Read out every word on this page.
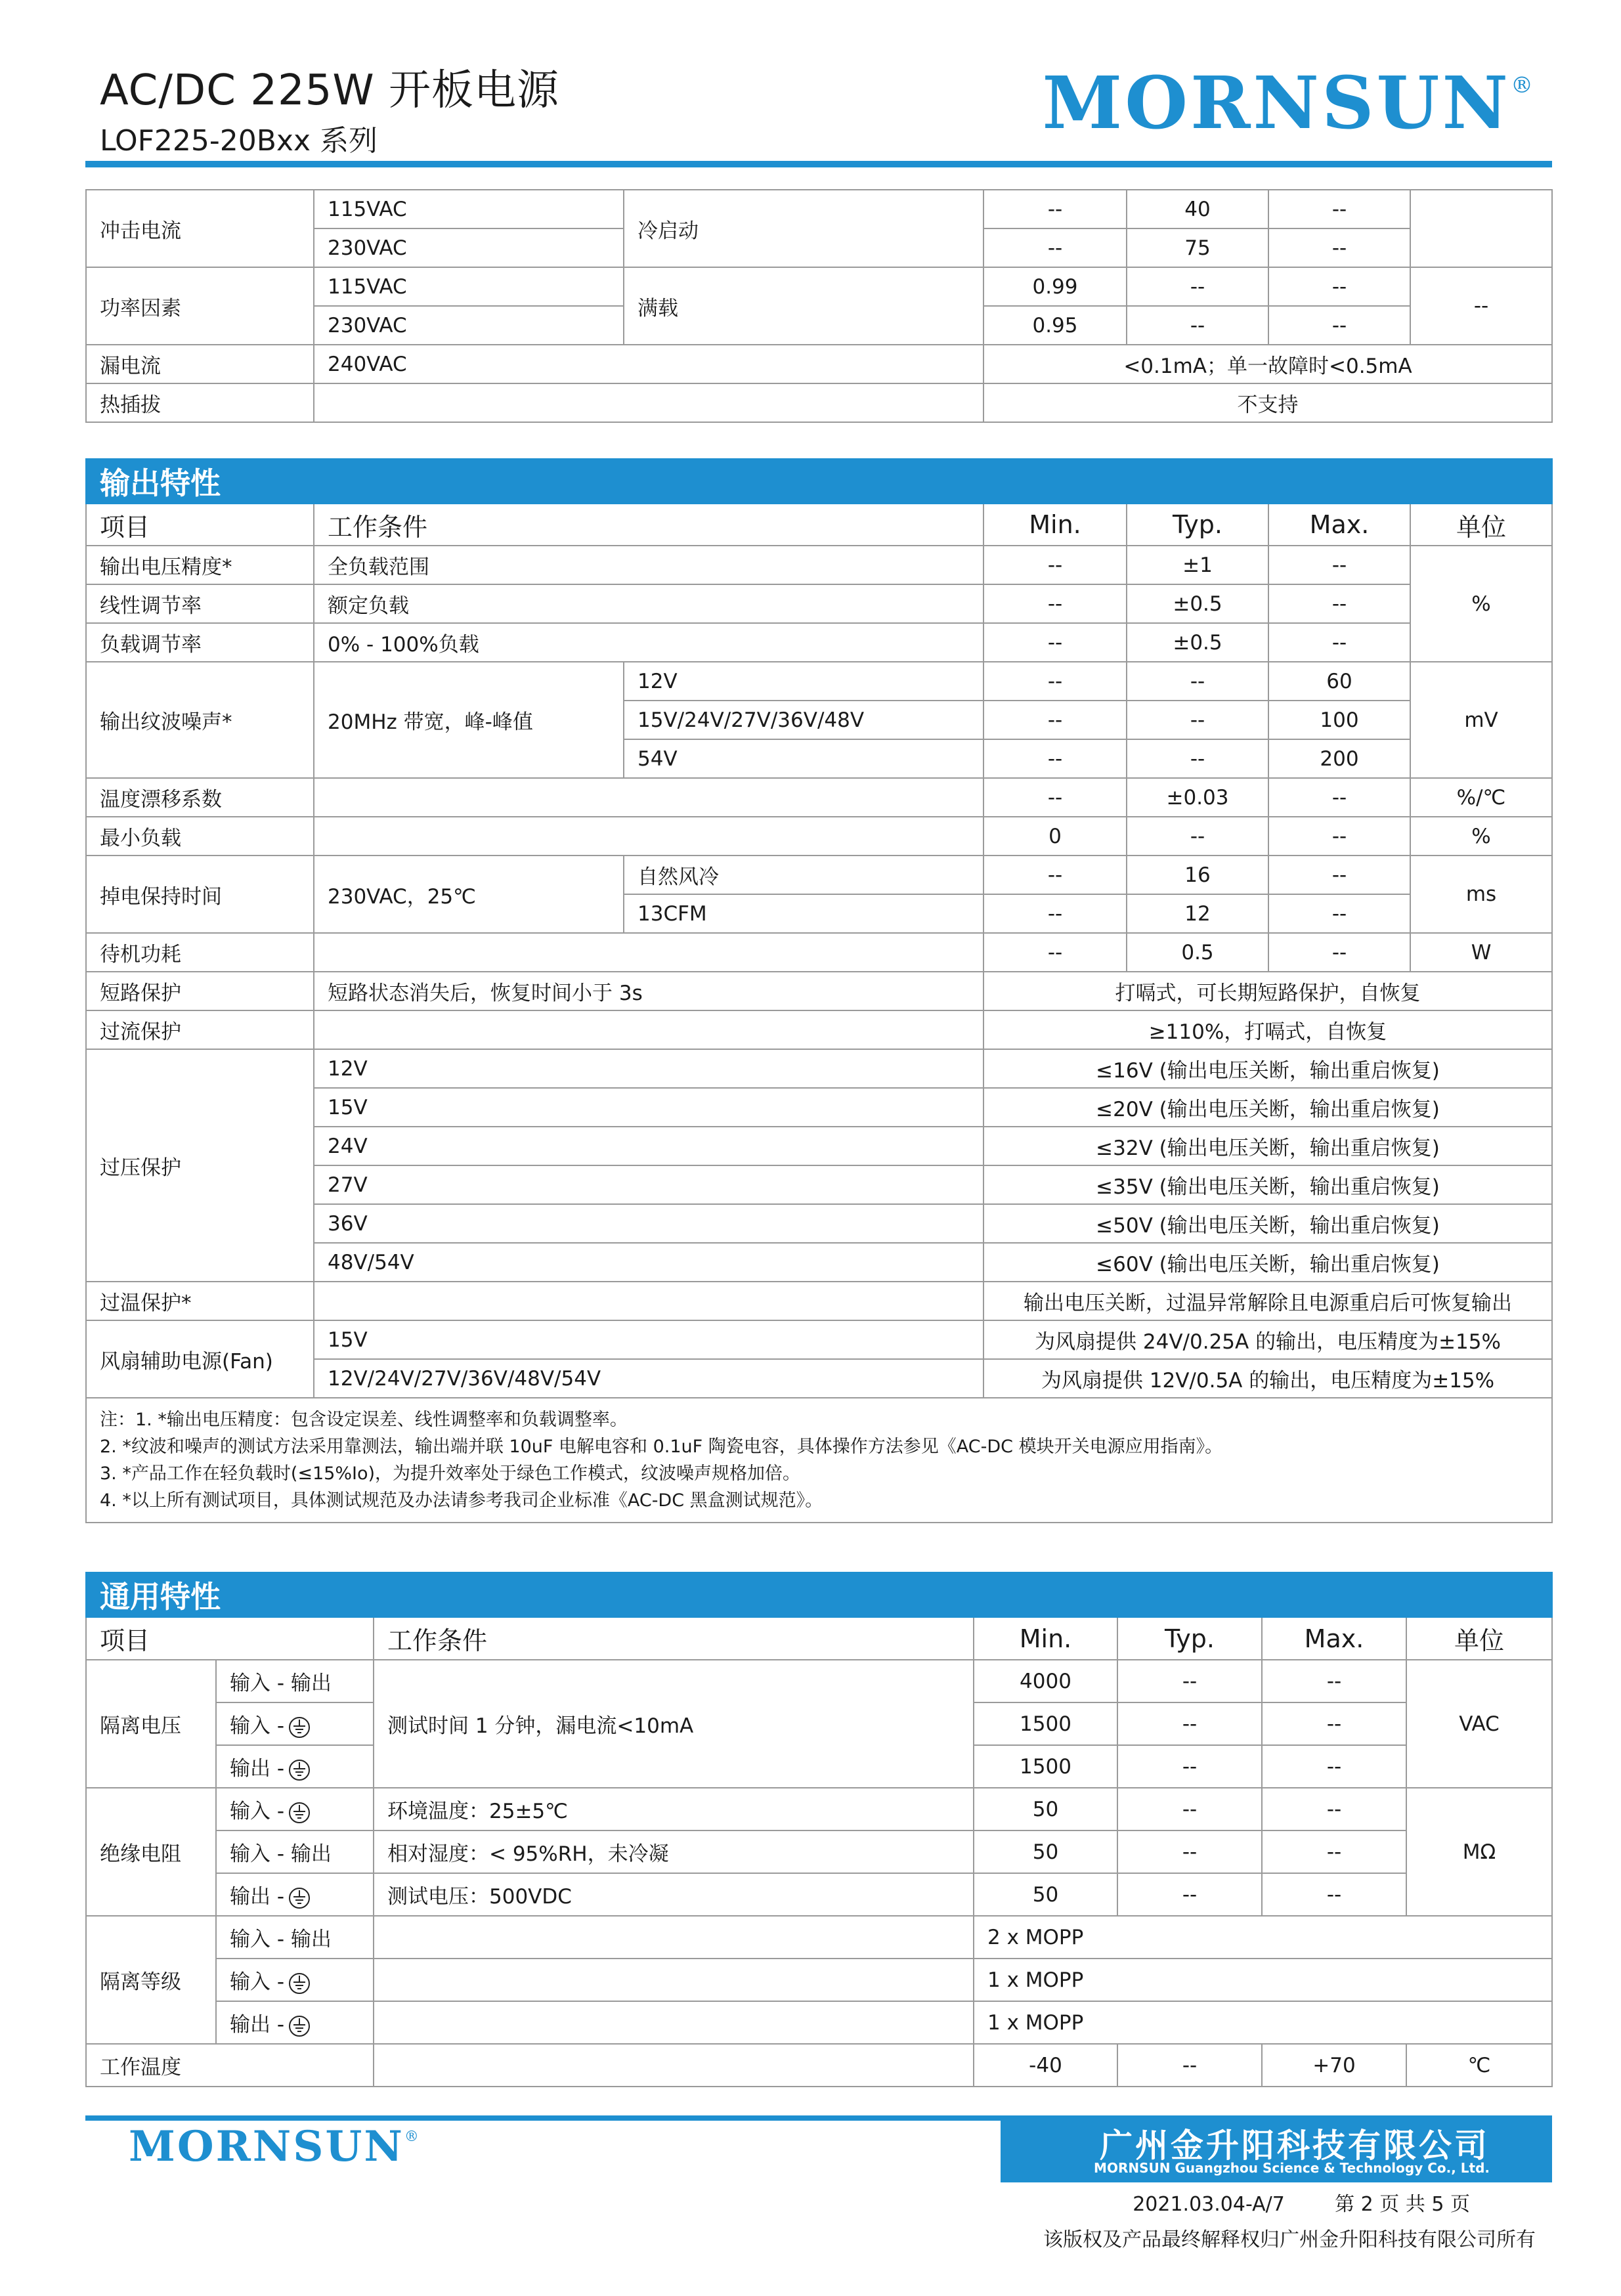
AC/DC 225W 开板电源
LOF225-20Bxx 系列	MORNSUN®
冲击电流	115VAC	冷启动	--	40	--	
	230VAC		--	75	--	
功率因素	115VAC	满载	0.99	--	--	--
	230VAC		0.95	--	--	
漏电流	240VAC		<0.1mA；单一故障时<0.5mA			
热插拔			不支持			
输出特性						
项目	工作条件		Min.	Typ.	Max.	单位
输出电压精度*	全负载范围		--	±1	--	%
线性调节率	额定负载		--	±0.5	--	
负载调节率	0% - 100%负载		--	±0.5	--	
输出纹波噪声*	20MHz 带宽，峰-峰值	12V	--	--	60	mV
		15V/24V/27V/36V/48V	--	--	100	
		54V	--	--	200	
温度漂移系数			--	±0.03	--	%/℃
最小负载			0	--	--	%
掉电保持时间	230VAC，25℃	自然风冷	--	16	--	ms
		13CFM	--	12	--	
待机功耗			--	0.5	--	W
短路保护	短路状态消失后，恢复时间小于 3s		打嗝式，可长期短路保护，自恢复			
过流保护			≥110%，打嗝式，自恢复			
过压保护	12V		≤16V (输出电压关断，输出重启恢复)			
	15V		≤20V (输出电压关断，输出重启恢复)			
	24V		≤32V (输出电压关断，输出重启恢复)			
	27V		≤35V (输出电压关断，输出重启恢复)			
	36V		≤50V (输出电压关断，输出重启恢复)			
	48V/54V		≤60V (输出电压关断，输出重启恢复)			
过温保护*			输出电压关断，过温异常解除且电源重启后可恢复输出			
风扇辅助电源(Fan)	15V		为风扇提供 24V/0.25A 的输出，电压精度为±15%			
	12V/24V/27V/36V/48V/54V		为风扇提供 12V/0.5A 的输出，电压精度为±15%			

注：1. *输出电压精度：包含设定误差、线性调整率和负载调整率。
2. *纹波和噪声的测试方法采用靠测法，输出端并联 10uF 电解电容和 0.1uF 陶瓷电容，具体操作方法参见《AC-DC 模块开关电源应用指南》。
3. *产品工作在轻负载时(≤15%Io)，为提升效率处于绿色工作模式，纹波噪声规格加倍。
4. *以上所有测试项目，具体测试规范及办法请参考我司企业标准《AC-DC 黑盒测试规范》。						
通用特性						
项目		工作条件	Min.	Typ.	Max.	单位
隔离电压	输入 - 输出	测试时间 1 分钟，漏电流<10mA	4000	--	--	VAC
	输入 -		1500	--	--	
	输出 -		1500	--	--	
绝缘电阻	输入 -	环境温度：25±5℃	50	--	--	MΩ
	输入 - 输出	相对湿度：< 95%RH，未冷凝	50	--	--	
	输出 -	测试电压：500VDC	50	--	--	
隔离等级	输入 - 输出		2 x MOPP			
	输入 -		1 x MOPP			
	输出 -		1 x MOPP			
工作温度			-40	--	+70	℃
MORNSUN®	广州金升阳科技有限公司
MORNSUN Guangzhou Science & Technology Co., Ltd.
2021.03.04-A/7        第 2 页 共 5 页
该版权及产品最终解释权归广州金升阳科技有限公司所有
